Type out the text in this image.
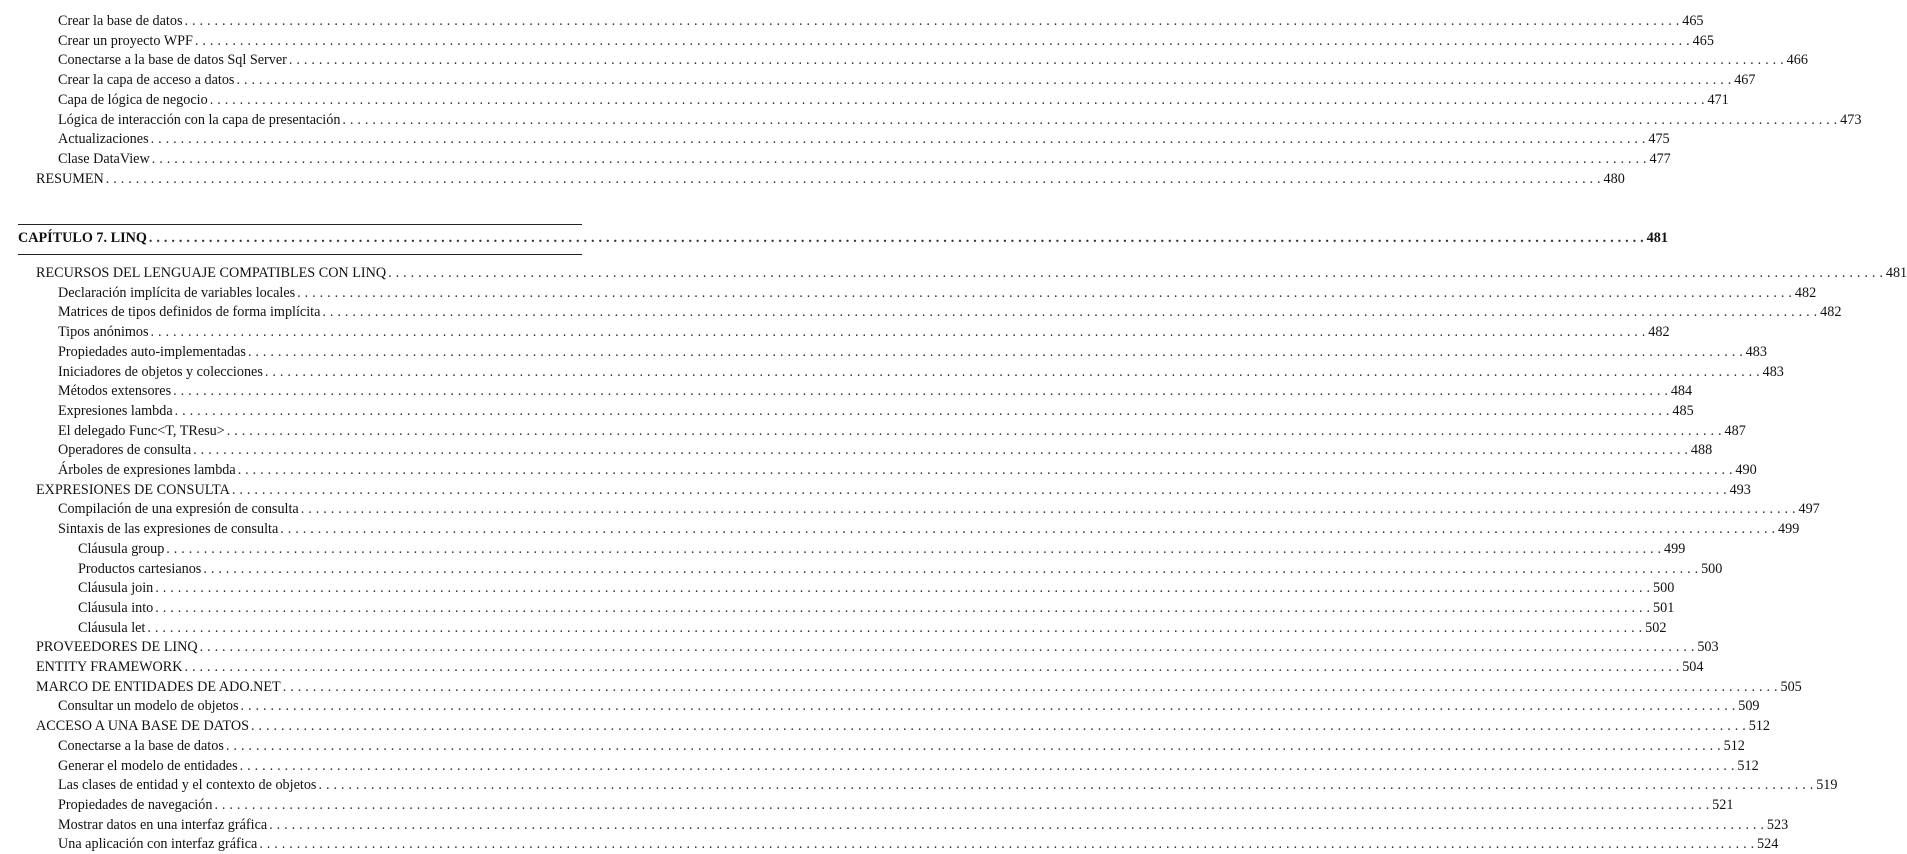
Crear la base de datos . . . . . . . . . . . . . . . . . . . . . . . . . . . . . . . . . . . . . . . . . . . . . . . . . . . . . . . . . . . . . . . . . . . . . . . . . . . . . . . . . . . . . . . . . . . . . . . . . . . . . . . . . . . . . . . . . . . . . . . . . . . . . . . . . . . . . . . . . . . . . . . . . . . . . . . . . . . . . . . . . . . . . . . . . . . . . . . . . . . . . . . . . . . . . . . . . . . . . . . . 465
Crear un proyecto WPF . . . . . . . . . . . . . . . . . . . . . . . . . . . . . . . . . . . . . . . . . . . . . . . . . . . . . . . . . . . . . . . . . . . . . . . . . . . . . . . . . . . . . . . . . . . . . . . . . . . . . . . . . . . . . . . . . . . . . . . . . . . . . . . . . . . . . . . . . . . . . . . . . . . . . . . . . . . . . . . . . . . . . . . . . . . . . . . . . . . . . . . . . . . . . . . . . . . . . . . . 465
Conectarse a la base de datos Sql Server . . . . . . . . . . . . . . . . . . . . . . . . . . . . . . . . . . . . . . . . . . . . . . . . . . . . . . . . . . . . . . . . . . . . . . . . . . . . . . . . . . . . . . . . . . . . . . . . . . . . . . . . . . . . . . . . . . . . . . . . . . . . . . . . . . . . . . . . . . . . . . . . . . . . . . . . . . . . . . . . . . . . . . . . . . . . . . . . . . . . . . . . . . . . . . . . . . . . . . . . 466
Crear la capa de acceso a datos . . . . . . . . . . . . . . . . . . . . . . . . . . . . . . . . . . . . . . . . . . . . . . . . . . . . . . . . . . . . . . . . . . . . . . . . . . . . . . . . . . . . . . . . . . . . . . . . . . . . . . . . . . . . . . . . . . . . . . . . . . . . . . . . . . . . . . . . . . . . . . . . . . . . . . . . . . . . . . . . . . . . . . . . . . . . . . . . . . . . . . . . . . . . . . . . . . . . . . . . 467
Capa de lógica de negocio . . . . . . . . . . . . . . . . . . . . . . . . . . . . . . . . . . . . . . . . . . . . . . . . . . . . . . . . . . . . . . . . . . . . . . . . . . . . . . . . . . . . . . . . . . . . . . . . . . . . . . . . . . . . . . . . . . . . . . . . . . . . . . . . . . . . . . . . . . . . . . . . . . . . . . . . . . . . . . . . . . . . . . . . . . . . . . . . . . . . . . . . . . . . . . . . . . . . . . . . 471
Lógica de interacción con la capa de presentación . . . . . . . . . . . . . . . . . . . . . . . . . . . . . . . . . . . . . . . . . . . . . . . . . . . . . . . . . . . . . . . . . . . . . . . . . . . . . . . . . . . . . . . . . . . . . . . . . . . . . . . . . . . . . . . . . . . . . . . . . . . . . . . . . . . . . . . . . . . . . . . . . . . . . . . . . . . . . . . . . . . . . . . . . . . . . . . . . . . . . . . . . . . . . . . . . . . . . . . . 473
Actualizaciones . . . . . . . . . . . . . . . . . . . . . . . . . . . . . . . . . . . . . . . . . . . . . . . . . . . . . . . . . . . . . . . . . . . . . . . . . . . . . . . . . . . . . . . . . . . . . . . . . . . . . . . . . . . . . . . . . . . . . . . . . . . . . . . . . . . . . . . . . . . . . . . . . . . . . . . . . . . . . . . . . . . . . . . . . . . . . . . . . . . . . . . . . . . . . . . . . . . . . . . . 475
Clase DataView . . . . . . . . . . . . . . . . . . . . . . . . . . . . . . . . . . . . . . . . . . . . . . . . . . . . . . . . . . . . . . . . . . . . . . . . . . . . . . . . . . . . . . . . . . . . . . . . . . . . . . . . . . . . . . . . . . . . . . . . . . . . . . . . . . . . . . . . . . . . . . . . . . . . . . . . . . . . . . . . . . . . . . . . . . . . . . . . . . . . . . . . . . . . . . . . . . . . . . . . 477
RESUMEN . . . . . . . . . . . . . . . . . . . . . . . . . . . . . . . . . . . . . . . . . . . . . . . . . . . . . . . . . . . . . . . . . . . . . . . . . . . . . . . . . . . . . . . . . . . . . . . . . . . . . . . . . . . . . . . . . . . . . . . . . . . . . . . . . . . . . . . . . . . . . . . . . . . . . . . . . . . . . . . . . . . . . . . . . . . . . . . . . . . . . . . . . . . . . . . . . . . . . . . . 480
CAPÍTULO 7. LINQ . . . . . . . . . . . . . . . . . . . . . . . . . . . . . . . . . . . . . . . . . . . . . . . . . . . . . . . . . . . . . . . . . . . . . . . . . . . . . . . . . . . . . . . . . . . . . . . . . . . . . . . . . . . . . . . . . . . . . . . . . . . . . . . . . . . . . . . . . . . . . . . . . . . . . . . . . . . . . . . . . . . . . . . . . . . . . . . . . . . . . . . . . . . . . . . . . . . . . . . . 481
RECURSOS DEL LENGUAJE COMPATIBLES CON LINQ . . . . . . . . . . . . . . . . . . . . . . . . . . . . . . . . . . . . . . . . . . . . . . . . . . . . . . . . . . . . . . . . . . . . . . . . . . . . . . . . . . . . . . . . . . . . . . . . . . . . . . . . . . . . . . . . . . . . . . . . . . . . . . . . . . . . . . . . . . . . . . . . . . . . . . . . . . . . . . . . . . . . . . . . . . . . . . . . . . . . . . . . . . . . . . . . . . . . . . . . 481
Declaración implícita de variables locales . . . . . . . . . . . . . . . . . . . . . . . . . . . . . . . . . . . . . . . . . . . . . . . . . . . . . . . . . . . . . . . . . . . . . . . . . . . . . . . . . . . . . . . . . . . . . . . . . . . . . . . . . . . . . . . . . . . . . . . . . . . . . . . . . . . . . . . . . . . . . . . . . . . . . . . . . . . . . . . . . . . . . . . . . . . . . . . . . . . . . . . . . . . . . . . . . . . . . . . . 482
Matrices de tipos definidos de forma implícita . . . . . . . . . . . . . . . . . . . . . . . . . . . . . . . . . . . . . . . . . . . . . . . . . . . . . . . . . . . . . . . . . . . . . . . . . . . . . . . . . . . . . . . . . . . . . . . . . . . . . . . . . . . . . . . . . . . . . . . . . . . . . . . . . . . . . . . . . . . . . . . . . . . . . . . . . . . . . . . . . . . . . . . . . . . . . . . . . . . . . . . . . . . . . . . . . . . . . . . . 482
Tipos anónimos . . . . . . . . . . . . . . . . . . . . . . . . . . . . . . . . . . . . . . . . . . . . . . . . . . . . . . . . . . . . . . . . . . . . . . . . . . . . . . . . . . . . . . . . . . . . . . . . . . . . . . . . . . . . . . . . . . . . . . . . . . . . . . . . . . . . . . . . . . . . . . . . . . . . . . . . . . . . . . . . . . . . . . . . . . . . . . . . . . . . . . . . . . . . . . . . . . . . . . . . 482
Propiedades auto-implementadas . . . . . . . . . . . . . . . . . . . . . . . . . . . . . . . . . . . . . . . . . . . . . . . . . . . . . . . . . . . . . . . . . . . . . . . . . . . . . . . . . . . . . . . . . . . . . . . . . . . . . . . . . . . . . . . . . . . . . . . . . . . . . . . . . . . . . . . . . . . . . . . . . . . . . . . . . . . . . . . . . . . . . . . . . . . . . . . . . . . . . . . . . . . . . . . . . . . . . . . . 483
Iniciadores de objetos y colecciones . . . . . . . . . . . . . . . . . . . . . . . . . . . . . . . . . . . . . . . . . . . . . . . . . . . . . . . . . . . . . . . . . . . . . . . . . . . . . . . . . . . . . . . . . . . . . . . . . . . . . . . . . . . . . . . . . . . . . . . . . . . . . . . . . . . . . . . . . . . . . . . . . . . . . . . . . . . . . . . . . . . . . . . . . . . . . . . . . . . . . . . . . . . . . . . . . . . . . . . . 483
Métodos extensores . . . . . . . . . . . . . . . . . . . . . . . . . . . . . . . . . . . . . . . . . . . . . . . . . . . . . . . . . . . . . . . . . . . . . . . . . . . . . . . . . . . . . . . . . . . . . . . . . . . . . . . . . . . . . . . . . . . . . . . . . . . . . . . . . . . . . . . . . . . . . . . . . . . . . . . . . . . . . . . . . . . . . . . . . . . . . . . . . . . . . . . . . . . . . . . . . . . . . . . . 484
Expresiones lambda . . . . . . . . . . . . . . . . . . . . . . . . . . . . . . . . . . . . . . . . . . . . . . . . . . . . . . . . . . . . . . . . . . . . . . . . . . . . . . . . . . . . . . . . . . . . . . . . . . . . . . . . . . . . . . . . . . . . . . . . . . . . . . . . . . . . . . . . . . . . . . . . . . . . . . . . . . . . . . . . . . . . . . . . . . . . . . . . . . . . . . . . . . . . . . . . . . . . . . . . 485
El delegado Func<T, TResu> . . . . . . . . . . . . . . . . . . . . . . . . . . . . . . . . . . . . . . . . . . . . . . . . . . . . . . . . . . . . . . . . . . . . . . . . . . . . . . . . . . . . . . . . . . . . . . . . . . . . . . . . . . . . . . . . . . . . . . . . . . . . . . . . . . . . . . . . . . . . . . . . . . . . . . . . . . . . . . . . . . . . . . . . . . . . . . . . . . . . . . . . . . . . . . . . . . . . . . . . 487
Operadores de consulta . . . . . . . . . . . . . . . . . . . . . . . . . . . . . . . . . . . . . . . . . . . . . . . . . . . . . . . . . . . . . . . . . . . . . . . . . . . . . . . . . . . . . . . . . . . . . . . . . . . . . . . . . . . . . . . . . . . . . . . . . . . . . . . . . . . . . . . . . . . . . . . . . . . . . . . . . . . . . . . . . . . . . . . . . . . . . . . . . . . . . . . . . . . . . . . . . . . . . . . . 488
Árboles de expresiones lambda . . . . . . . . . . . . . . . . . . . . . . . . . . . . . . . . . . . . . . . . . . . . . . . . . . . . . . . . . . . . . . . . . . . . . . . . . . . . . . . . . . . . . . . . . . . . . . . . . . . . . . . . . . . . . . . . . . . . . . . . . . . . . . . . . . . . . . . . . . . . . . . . . . . . . . . . . . . . . . . . . . . . . . . . . . . . . . . . . . . . . . . . . . . . . . . . . . . . . . . . 490
EXPRESIONES DE CONSULTA . . . . . . . . . . . . . . . . . . . . . . . . . . . . . . . . . . . . . . . . . . . . . . . . . . . . . . . . . . . . . . . . . . . . . . . . . . . . . . . . . . . . . . . . . . . . . . . . . . . . . . . . . . . . . . . . . . . . . . . . . . . . . . . . . . . . . . . . . . . . . . . . . . . . . . . . . . . . . . . . . . . . . . . . . . . . . . . . . . . . . . . . . . . . . . . . . . . . . . . . 493
Compilación de una expresión de consulta . . . . . . . . . . . . . . . . . . . . . . . . . . . . . . . . . . . . . . . . . . . . . . . . . . . . . . . . . . . . . . . . . . . . . . . . . . . . . . . . . . . . . . . . . . . . . . . . . . . . . . . . . . . . . . . . . . . . . . . . . . . . . . . . . . . . . . . . . . . . . . . . . . . . . . . . . . . . . . . . . . . . . . . . . . . . . . . . . . . . . . . . . . . . . . . . . . . . . . . . 497
Sintaxis de las expresiones de consulta . . . . . . . . . . . . . . . . . . . . . . . . . . . . . . . . . . . . . . . . . . . . . . . . . . . . . . . . . . . . . . . . . . . . . . . . . . . . . . . . . . . . . . . . . . . . . . . . . . . . . . . . . . . . . . . . . . . . . . . . . . . . . . . . . . . . . . . . . . . . . . . . . . . . . . . . . . . . . . . . . . . . . . . . . . . . . . . . . . . . . . . . . . . . . . . . . . . . . . . . 499
Cláusula group . . . . . . . . . . . . . . . . . . . . . . . . . . . . . . . . . . . . . . . . . . . . . . . . . . . . . . . . . . . . . . . . . . . . . . . . . . . . . . . . . . . . . . . . . . . . . . . . . . . . . . . . . . . . . . . . . . . . . . . . . . . . . . . . . . . . . . . . . . . . . . . . . . . . . . . . . . . . . . . . . . . . . . . . . . . . . . . . . . . . . . . . . . . . . . . . . . . . . . . . 499
Productos cartesianos . . . . . . . . . . . . . . . . . . . . . . . . . . . . . . . . . . . . . . . . . . . . . . . . . . . . . . . . . . . . . . . . . . . . . . . . . . . . . . . . . . . . . . . . . . . . . . . . . . . . . . . . . . . . . . . . . . . . . . . . . . . . . . . . . . . . . . . . . . . . . . . . . . . . . . . . . . . . . . . . . . . . . . . . . . . . . . . . . . . . . . . . . . . . . . . . . . . . . . . . 500
Cláusula join . . . . . . . . . . . . . . . . . . . . . . . . . . . . . . . . . . . . . . . . . . . . . . . . . . . . . . . . . . . . . . . . . . . . . . . . . . . . . . . . . . . . . . . . . . . . . . . . . . . . . . . . . . . . . . . . . . . . . . . . . . . . . . . . . . . . . . . . . . . . . . . . . . . . . . . . . . . . . . . . . . . . . . . . . . . . . . . . . . . . . . . . . . . . . . . . . . . . . . . . 500
Cláusula into . . . . . . . . . . . . . . . . . . . . . . . . . . . . . . . . . . . . . . . . . . . . . . . . . . . . . . . . . . . . . . . . . . . . . . . . . . . . . . . . . . . . . . . . . . . . . . . . . . . . . . . . . . . . . . . . . . . . . . . . . . . . . . . . . . . . . . . . . . . . . . . . . . . . . . . . . . . . . . . . . . . . . . . . . . . . . . . . . . . . . . . . . . . . . . . . . . . . . . . . 501
Cláusula let . . . . . . . . . . . . . . . . . . . . . . . . . . . . . . . . . . . . . . . . . . . . . . . . . . . . . . . . . . . . . . . . . . . . . . . . . . . . . . . . . . . . . . . . . . . . . . . . . . . . . . . . . . . . . . . . . . . . . . . . . . . . . . . . . . . . . . . . . . . . . . . . . . . . . . . . . . . . . . . . . . . . . . . . . . . . . . . . . . . . . . . . . . . . . . . . . . . . . . . . 502
PROVEEDORES DE LINQ . . . . . . . . . . . . . . . . . . . . . . . . . . . . . . . . . . . . . . . . . . . . . . . . . . . . . . . . . . . . . . . . . . . . . . . . . . . . . . . . . . . . . . . . . . . . . . . . . . . . . . . . . . . . . . . . . . . . . . . . . . . . . . . . . . . . . . . . . . . . . . . . . . . . . . . . . . . . . . . . . . . . . . . . . . . . . . . . . . . . . . . . . . . . . . . . . . . . . . . . 503
ENTITY FRAMEWORK . . . . . . . . . . . . . . . . . . . . . . . . . . . . . . . . . . . . . . . . . . . . . . . . . . . . . . . . . . . . . . . . . . . . . . . . . . . . . . . . . . . . . . . . . . . . . . . . . . . . . . . . . . . . . . . . . . . . . . . . . . . . . . . . . . . . . . . . . . . . . . . . . . . . . . . . . . . . . . . . . . . . . . . . . . . . . . . . . . . . . . . . . . . . . . . . . . . . . . . . 504
MARCO DE ENTIDADES DE ADO.NET . . . . . . . . . . . . . . . . . . . . . . . . . . . . . . . . . . . . . . . . . . . . . . . . . . . . . . . . . . . . . . . . . . . . . . . . . . . . . . . . . . . . . . . . . . . . . . . . . . . . . . . . . . . . . . . . . . . . . . . . . . . . . . . . . . . . . . . . . . . . . . . . . . . . . . . . . . . . . . . . . . . . . . . . . . . . . . . . . . . . . . . . . . . . . . . . . . . . . . . . 505
Consultar un modelo de objetos . . . . . . . . . . . . . . . . . . . . . . . . . . . . . . . . . . . . . . . . . . . . . . . . . . . . . . . . . . . . . . . . . . . . . . . . . . . . . . . . . . . . . . . . . . . . . . . . . . . . . . . . . . . . . . . . . . . . . . . . . . . . . . . . . . . . . . . . . . . . . . . . . . . . . . . . . . . . . . . . . . . . . . . . . . . . . . . . . . . . . . . . . . . . . . . . . . . . . . . . 509
ACCESO A UNA BASE DE DATOS . . . . . . . . . . . . . . . . . . . . . . . . . . . . . . . . . . . . . . . . . . . . . . . . . . . . . . . . . . . . . . . . . . . . . . . . . . . . . . . . . . . . . . . . . . . . . . . . . . . . . . . . . . . . . . . . . . . . . . . . . . . . . . . . . . . . . . . . . . . . . . . . . . . . . . . . . . . . . . . . . . . . . . . . . . . . . . . . . . . . . . . . . . . . . . . . . . . . . . . . 512
Conectarse a la base de datos . . . . . . . . . . . . . . . . . . . . . . . . . . . . . . . . . . . . . . . . . . . . . . . . . . . . . . . . . . . . . . . . . . . . . . . . . . . . . . . . . . . . . . . . . . . . . . . . . . . . . . . . . . . . . . . . . . . . . . . . . . . . . . . . . . . . . . . . . . . . . . . . . . . . . . . . . . . . . . . . . . . . . . . . . . . . . . . . . . . . . . . . . . . . . . . . . . . . . . . . 512
Generar el modelo de entidades . . . . . . . . . . . . . . . . . . . . . . . . . . . . . . . . . . . . . . . . . . . . . . . . . . . . . . . . . . . . . . . . . . . . . . . . . . . . . . . . . . . . . . . . . . . . . . . . . . . . . . . . . . . . . . . . . . . . . . . . . . . . . . . . . . . . . . . . . . . . . . . . . . . . . . . . . . . . . . . . . . . . . . . . . . . . . . . . . . . . . . . . . . . . . . . . . . . . . . . . 512
Las clases de entidad y el contexto de objetos . . . . . . . . . . . . . . . . . . . . . . . . . . . . . . . . . . . . . . . . . . . . . . . . . . . . . . . . . . . . . . . . . . . . . . . . . . . . . . . . . . . . . . . . . . . . . . . . . . . . . . . . . . . . . . . . . . . . . . . . . . . . . . . . . . . . . . . . . . . . . . . . . . . . . . . . . . . . . . . . . . . . . . . . . . . . . . . . . . . . . . . . . . . . . . . . . . . . . . . . 519
Propiedades de navegación . . . . . . . . . . . . . . . . . . . . . . . . . . . . . . . . . . . . . . . . . . . . . . . . . . . . . . . . . . . . . . . . . . . . . . . . . . . . . . . . . . . . . . . . . . . . . . . . . . . . . . . . . . . . . . . . . . . . . . . . . . . . . . . . . . . . . . . . . . . . . . . . . . . . . . . . . . . . . . . . . . . . . . . . . . . . . . . . . . . . . . . . . . . . . . . . . . . . . . . . 521
Mostrar datos en una interfaz gráfica . . . . . . . . . . . . . . . . . . . . . . . . . . . . . . . . . . . . . . . . . . . . . . . . . . . . . . . . . . . . . . . . . . . . . . . . . . . . . . . . . . . . . . . . . . . . . . . . . . . . . . . . . . . . . . . . . . . . . . . . . . . . . . . . . . . . . . . . . . . . . . . . . . . . . . . . . . . . . . . . . . . . . . . . . . . . . . . . . . . . . . . . . . . . . . . . . . . . . . . . 523
Una aplicación con interfaz gráfica . . . . . . . . . . . . . . . . . . . . . . . . . . . . . . . . . . . . . . . . . . . . . . . . . . . . . . . . . . . . . . . . . . . . . . . . . . . . . . . . . . . . . . . . . . . . . . . . . . . . . . . . . . . . . . . . . . . . . . . . . . . . . . . . . . . . . . . . . . . . . . . . . . . . . . . . . . . . . . . . . . . . . . . . . . . . . . . . . . . . . . . . . . . . . . . . . . . . . . . . 524
